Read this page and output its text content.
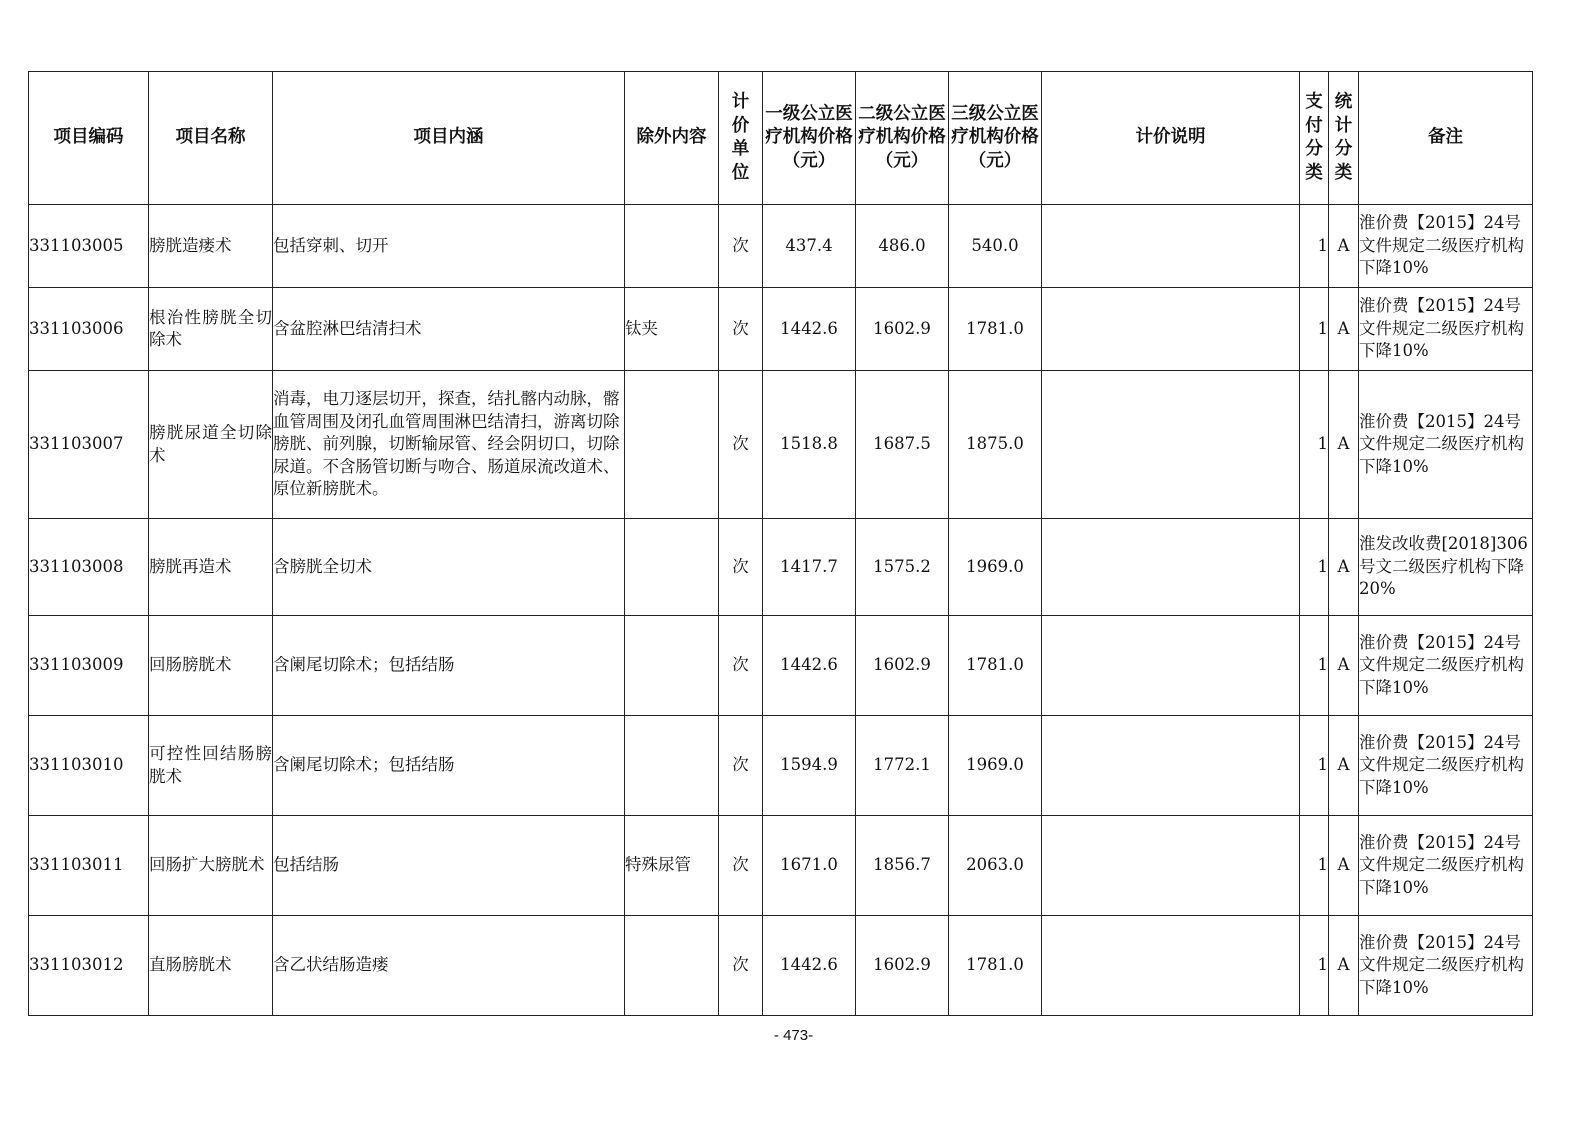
项目编码	项目名称	项目内涵	除外内容	计价单位	一级公立医疗机构价格（元）	二级公立医疗机构价格（元）	三级公立医疗机构价格（元）	计价说明	支付分类	统计分类	备注
331103005	膀胱造瘘术	包括穿刺、切开		次	437.4	486.0	540.0		1	A	淮价费【2015】24号文件规定二级医疗机构下降10%
331103006	根治性膀胱全切除术	含盆腔淋巴结清扫术	钛夹	次	1442.6	1602.9	1781.0		1	A	淮价费【2015】24号文件规定二级医疗机构下降10%
331103007	膀胱尿道全切除术	消毒，电刀逐层切开，探查，结扎髂内动脉，髂血管周围及闭孔血管周围淋巴结清扫，游离切除膀胱、前列腺，切断输尿管、经会阴切口，切除尿道。不含肠管切断与吻合、肠道尿流改道术、原位新膀胱术。		次	1518.8	1687.5	1875.0		1	A	淮价费【2015】24号文件规定二级医疗机构下降10%
331103008	膀胱再造术	含膀胱全切术		次	1417.7	1575.2	1969.0		1	A	淮发改收费[2018]306号文二级医疗机构下降20%
331103009	回肠膀胱术	含阑尾切除术；包括结肠		次	1442.6	1602.9	1781.0		1	A	淮价费【2015】24号文件规定二级医疗机构下降10%
331103010	可控性回结肠膀胱术	含阑尾切除术；包括结肠		次	1594.9	1772.1	1969.0		1	A	淮价费【2015】24号文件规定二级医疗机构下降10%
331103011	回肠扩大膀胱术	包括结肠	特殊尿管	次	1671.0	1856.7	2063.0		1	A	淮价费【2015】24号文件规定二级医疗机构下降10%
331103012	直肠膀胱术	含乙状结肠造瘘		次	1442.6	1602.9	1781.0		1	A	淮价费【2015】24号文件规定二级医疗机构下降10%
- 473-
